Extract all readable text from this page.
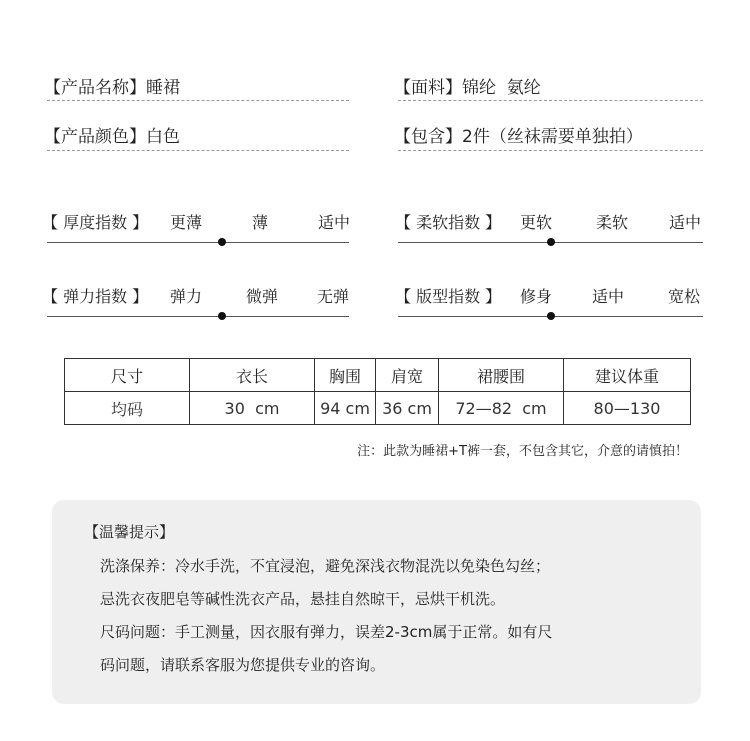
【产品名称】睡裙	【面料】锦纶  氨纶
【产品颜色】白色	【包含】2件（丝袜需要单独拍）
【 厚度指数 】	更薄	薄	适中	【 柔软指数 】	更软	柔软	适中
【 弹力指数 】	弹力	微弹	无弹	【 版型指数 】	修身	适中	宽松
尺寸	衣长	胸围	肩宽	裙腰围	建议体重
均码	30  cm	94 cm	36 cm	72—82  cm	80—130
注：此款为睡裙+T裤一套，不包含其它，介意的请慎拍！
【温馨提示】
洗涤保养：冷水手洗，不宜浸泡，避免深浅衣物混洗以免染色勾丝；
忌洗衣夜肥皂等碱性洗衣产品，悬挂自然晾干，忌烘干机洗。
尺码问题：手工测量，因衣服有弹力，误差2-3cm属于正常。如有尺
码问题，请联系客服为您提供专业的咨询。
